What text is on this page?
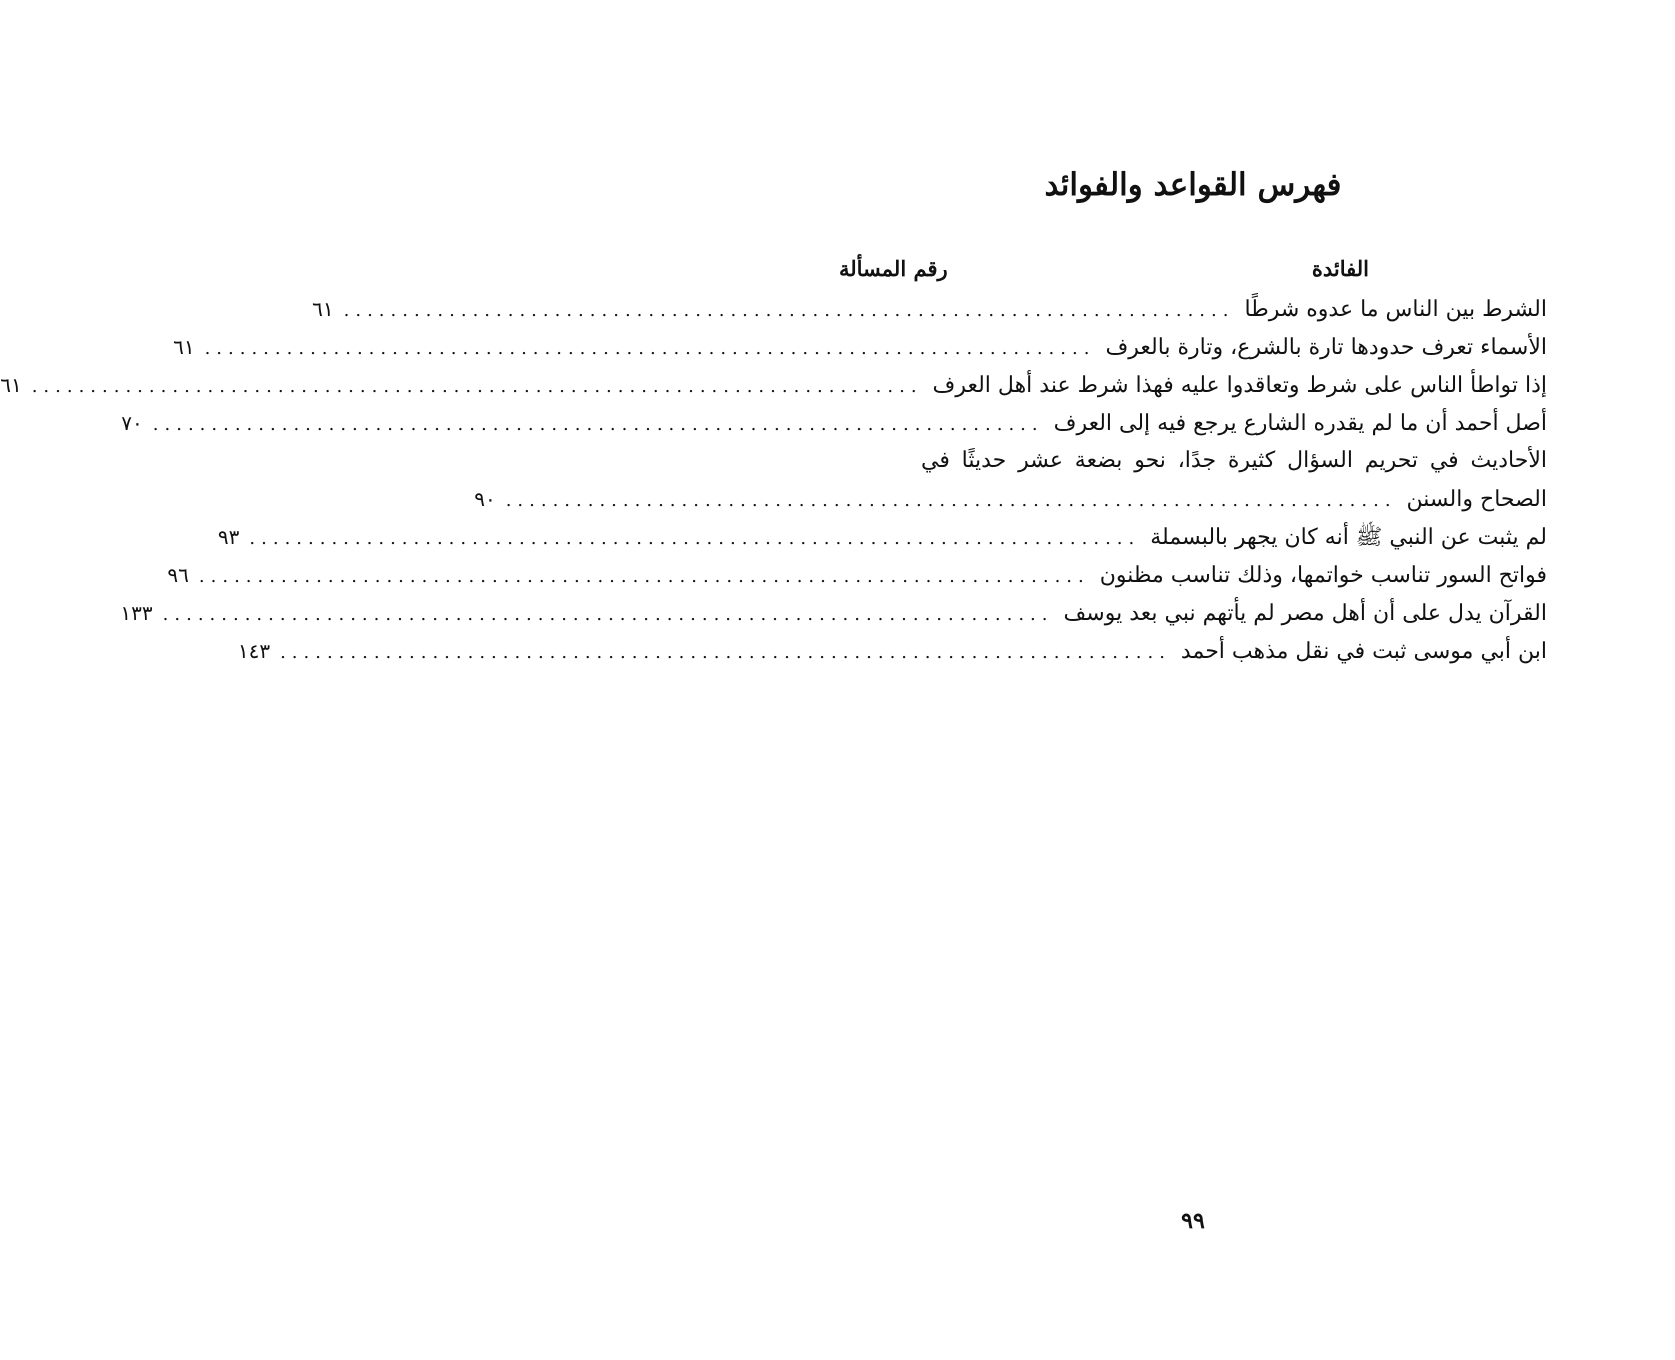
فهرس القواعد والفوائد
الفائدة
رقم المسألة
الشرط بين الناس ما عدوه شرطًا
............................................................................
٦١
الأسماء تعرف حدودها تارة بالشرع، وتارة بالعرف
............................................................................
٦١
إذا تواطأ الناس على شرط وتعاقدوا عليه فهذا شرط عند أهل العرف
............................................................................
٦١
أصل أحمد أن ما لم يقدره الشارع يرجع فيه إلى العرف
............................................................................
٧٠
الأحاديث في تحريم السؤال كثيرة جدًا، نحو بضعة عشر حديثًا في
الصحاح والسنن
............................................................................
٩٠
لم يثبت عن النبي ﷺ أنه كان يجهر بالبسملة
............................................................................
٩٣
فواتح السور تناسب خواتمها، وذلك تناسب مظنون
............................................................................
٩٦
القرآن يدل على أن أهل مصر لم يأتهم نبي بعد يوسف
............................................................................
١٣٣
ابن أبي موسى ثبت في نقل مذهب أحمد
............................................................................
١٤٣
٩٩
